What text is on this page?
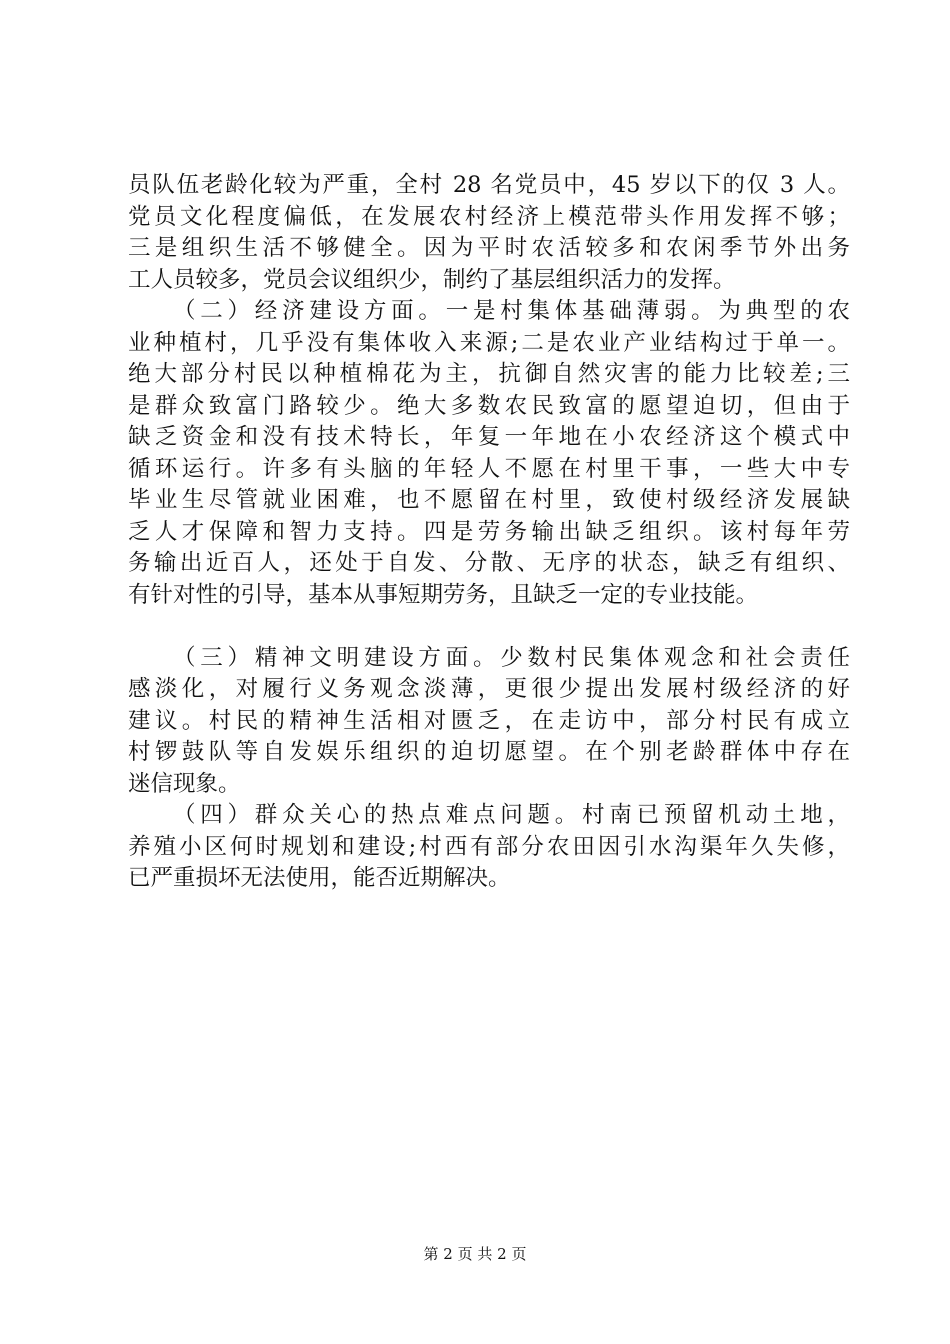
员队伍老龄化较为严重，全村 28 名党员中，45 岁以下的仅 3 人。
党员文化程度偏低，在发展农村经济上模范带头作用发挥不够；
三是组织生活不够健全。因为平时农活较多和农闲季节外出务
工人员较多，党员会议组织少，制约了基层组织活力的发挥。
（二）经济建设方面。一是村集体基础薄弱。为典型的农
业种植村，几乎没有集体收入来源;二是农业产业结构过于单一。
绝大部分村民以种植棉花为主，抗御自然灾害的能力比较差;三
是群众致富门路较少。绝大多数农民致富的愿望迫切，但由于
缺乏资金和没有技术特长，年复一年地在小农经济这个模式中
循环运行。许多有头脑的年轻人不愿在村里干事，一些大中专
毕业生尽管就业困难，也不愿留在村里，致使村级经济发展缺
乏人才保障和智力支持。四是劳务输出缺乏组织。该村每年劳
务输出近百人，还处于自发、分散、无序的状态，缺乏有组织、
有针对性的引导，基本从事短期劳务，且缺乏一定的专业技能。
（三）精神文明建设方面。少数村民集体观念和社会责任
感淡化，对履行义务观念淡薄，更很少提出发展村级经济的好
建议。村民的精神生活相对匮乏，在走访中，部分村民有成立
村锣鼓队等自发娱乐组织的迫切愿望。在个别老龄群体中存在
迷信现象。
（四）群众关心的热点难点问题。村南已预留机动土地，
养殖小区何时规划和建设;村西有部分农田因引水沟渠年久失修，
已严重损坏无法使用，能否近期解决。
第 2 页 共 2 页
